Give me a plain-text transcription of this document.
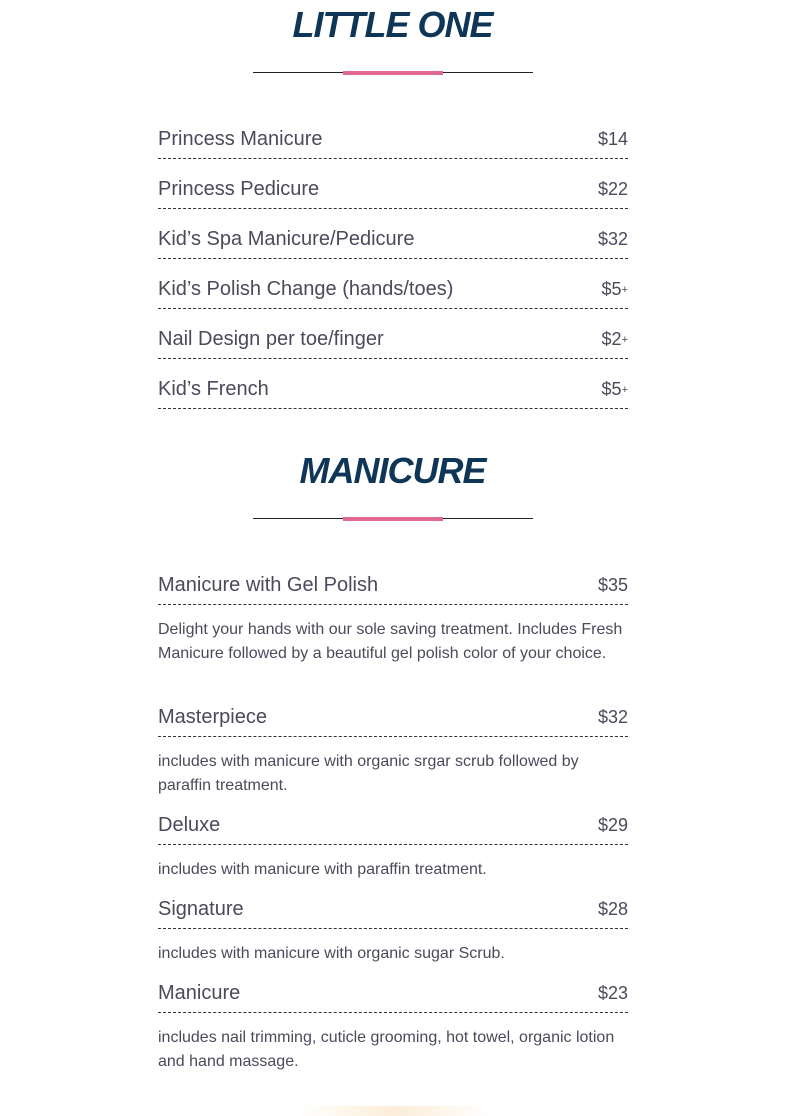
LITTLE ONE
Princess Manicure	$14
Princess Pedicure	$22
Kid’s Spa Manicure/Pedicure	$32
Kid’s Polish Change (hands/toes)	$5+
Nail Design per toe/finger	$2+
Kid’s French	$5+
MANICURE
Manicure with Gel Polish	$35

Delight your hands with our sole saving treatment. Includes Fresh Manicure followed by a beautiful gel polish color of your choice.

Masterpiece	$32

includes with manicure with organic srgar scrub followed by paraffin treatment.

Deluxe	$29

includes with manicure with paraffin treatment.

Signature	$28

includes with manicure with organic sugar Scrub.

Manicure	$23

includes nail trimming, cuticle grooming, hot towel, organic lotion and hand massage.
